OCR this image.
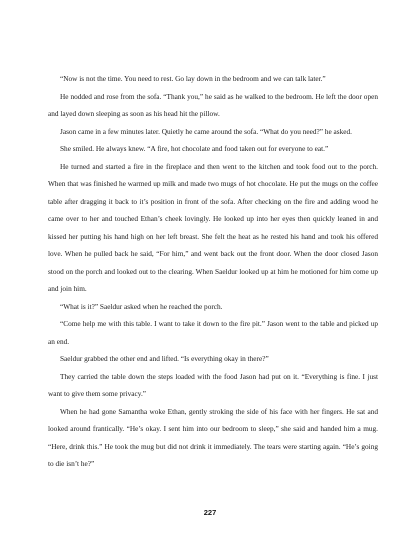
“Now is not the time. You need to rest. Go lay down in the bedroom and we can talk later.”

He nodded and rose from the sofa. “Thank you,” he said as he walked to the bedroom. He left the door open and layed down sleeping as soon as his head hit the pillow.

Jason came in a few minutes later. Quietly he came around the sofa. “What do you need?” he asked.

She smiled. He always knew. “A fire, hot chocolate and food taken out for everyone to eat.”

He turned and started a fire in the fireplace and then went to the kitchen and took food out to the porch. When that was finished he warmed up milk and made two mugs of hot chocolate. He put the mugs on the coffee table after dragging it back to it’s position in front of the sofa. After checking on the fire and adding wood he came over to her and touched Ethan’s cheek lovingly. He looked up into her eyes then quickly leaned in and kissed her putting his hand high on her left breast. She felt the heat as he rested his hand and took his offered love. When he pulled back he said, “For him,” and went back out the front door. When the door closed Jason stood on the porch and looked out to the clearing. When Saeldur looked up at him he motioned for him come up and join him.

“What is it?” Saeldur asked when he reached the porch.

“Come help me with this table. I want to take it down to the fire pit.” Jason went to the table and picked up an end.

Saeldur grabbed the other end and lifted. “Is everything okay in there?”

They carried the table down the steps loaded with the food Jason had put on it. “Everything is fine. I just want to give them some privacy.”

When he had gone Samantha woke Ethan, gently stroking the side of his face with her fingers. He sat and looked around frantically. “He’s okay. I sent him into our bedroom to sleep,” she said and handed him a mug. “Here, drink this.” He took the mug but did not drink it immediately. The tears were starting again. “He’s going to die isn’t he?”

227
